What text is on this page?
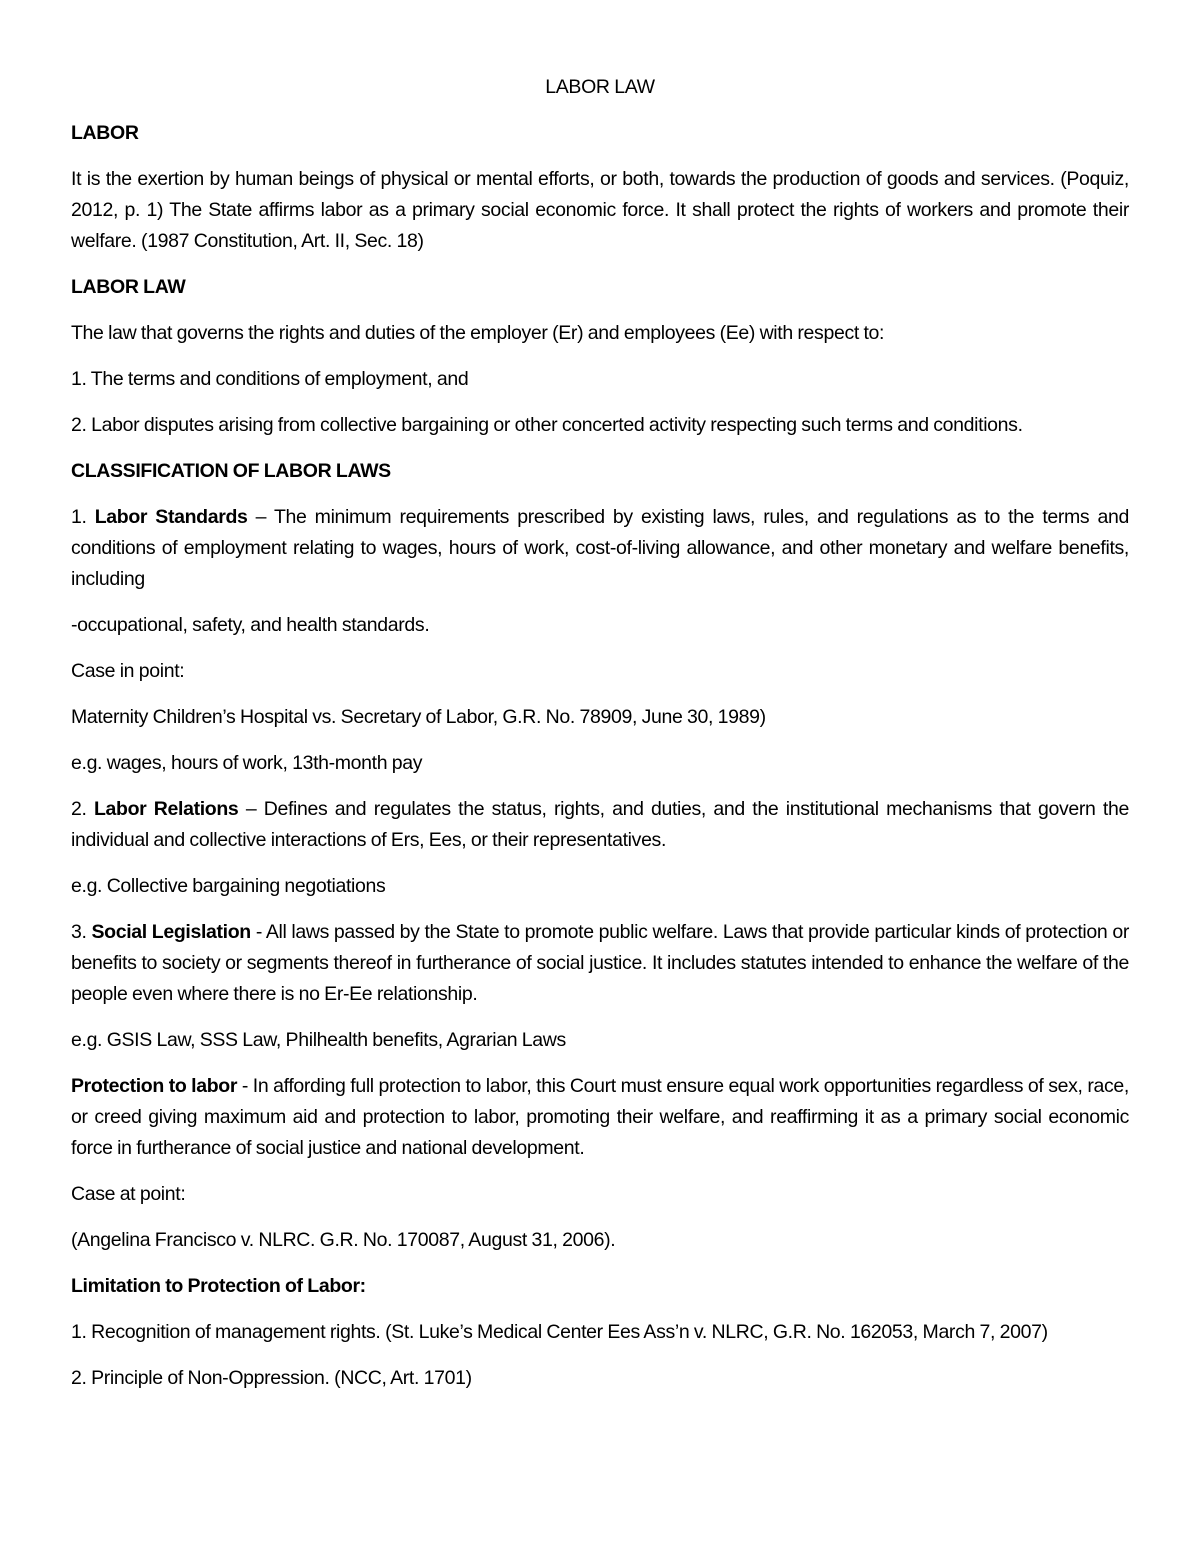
LABOR LAW

LABOR

It is the exertion by human beings of physical or mental efforts, or both, towards the production of goods and services. (Poquiz, 2012, p. 1) The State affirms labor as a primary social economic force. It shall protect the rights of workers and promote their welfare. (1987 Constitution, Art. II, Sec. 18)

LABOR LAW

The law that governs the rights and duties of the employer (Er) and employees (Ee) with respect to:

1. The terms and conditions of employment, and

2. Labor disputes arising from collective bargaining or other concerted activity respecting such terms and conditions.

CLASSIFICATION OF LABOR LAWS

1. Labor Standards – The minimum requirements prescribed by existing laws, rules, and regulations as to the terms and conditions of employment relating to wages, hours of work, cost-of-living allowance, and other monetary and welfare benefits, including

-occupational, safety, and health standards.

Case in point:

Maternity Children’s Hospital vs. Secretary of Labor, G.R. No. 78909, June 30, 1989)

e.g. wages, hours of work, 13th-month pay

2. Labor Relations – Defines and regulates the status, rights, and duties, and the institutional mechanisms that govern the individual and collective interactions of Ers, Ees, or their representatives.

e.g. Collective bargaining negotiations

3. Social Legislation - All laws passed by the State to promote public welfare. Laws that provide particular kinds of protection or benefits to society or segments thereof in furtherance of social justice. It includes statutes intended to enhance the welfare of the people even where there is no Er-Ee relationship.

e.g. GSIS Law, SSS Law, Philhealth benefits, Agrarian Laws

Protection to labor - In affording full protection to labor, this Court must ensure equal work opportunities regardless of sex, race, or creed giving maximum aid and protection to labor, promoting their welfare, and reaffirming it as a primary social economic force in furtherance of social justice and national development.

Case at point:

(Angelina Francisco v. NLRC. G.R. No. 170087, August 31, 2006).

Limitation to Protection of Labor:

1. Recognition of management rights. (St. Luke’s Medical Center Ees Ass’n v. NLRC, G.R. No. 162053, March 7, 2007)

2. Principle of Non-Oppression. (NCC, Art. 1701)
